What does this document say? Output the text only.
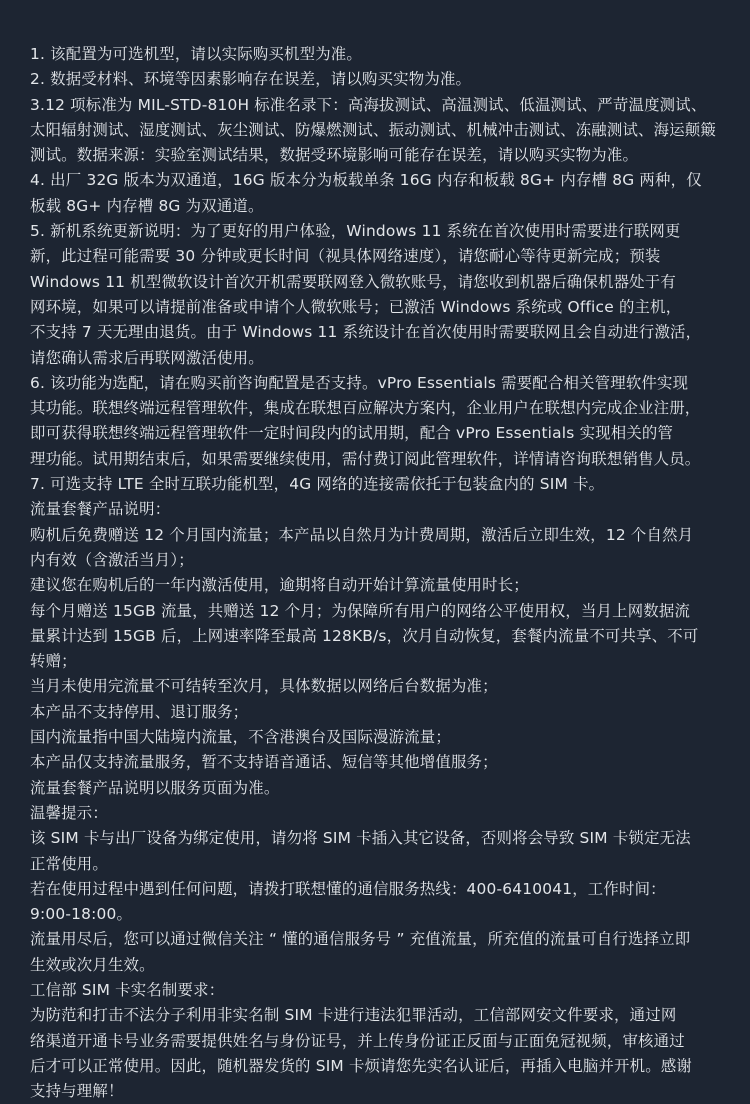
1. 该配置为可选机型，请以实际购买机型为准。

2. 数据受材料、环境等因素影响存在误差，请以购买实物为准。

3.12 项标准为 MIL-STD-810H 标准名录下：高海拔测试、高温测试、低温测试、严苛温度测试、

太阳辐射测试、湿度测试、灰尘测试、防爆燃测试、振动测试、机械冲击测试、冻融测试、海运颠簸

测试。数据来源：实验室测试结果，数据受环境影响可能存在误差，请以购买实物为准。

4. 出厂 32G 版本为双通道，16G 版本分为板载单条 16G 内存和板载 8G+ 内存槽 8G 两种，仅

板载 8G+ 内存槽 8G 为双通道。

5. 新机系统更新说明：为了更好的用户体验，Windows 11 系统在首次使用时需要进行联网更

新，此过程可能需要 30 分钟或更长时间（视具体网络速度），请您耐心等待更新完成；预装

Windows 11 机型微软设计首次开机需要联网登入微软账号，请您收到机器后确保机器处于有

网环境，如果可以请提前准备或申请个人微软账号；已激活 Windows 系统或 Office 的主机，

不支持 7 天无理由退货。由于 Windows 11 系统设计在首次使用时需要联网且会自动进行激活，

请您确认需求后再联网激活使用。

6. 该功能为选配，请在购买前咨询配置是否支持。vPro Essentials 需要配合相关管理软件实现

其功能。联想终端远程管理软件，集成在联想百应解决方案内，企业用户在联想内完成企业注册，

即可获得联想终端远程管理软件一定时间段内的试用期，配合 vPro Essentials 实现相关的管

理功能。试用期结束后，如果需要继续使用，需付费订阅此管理软件，详情请咨询联想销售人员。

7. 可选支持 LTE 全时互联功能机型，4G 网络的连接需依托于包装盒内的 SIM 卡。

流量套餐产品说明：

购机后免费赠送 12 个月国内流量；本产品以自然月为计费周期，激活后立即生效，12 个自然月

内有效（含激活当月）；

建议您在购机后的一年内激活使用，逾期将自动开始计算流量使用时长；

每个月赠送 15GB 流量，共赠送 12 个月；为保障所有用户的网络公平使用权，当月上网数据流

量累计达到 15GB 后，上网速率降至最高 128KB/s，次月自动恢复，套餐内流量不可共享、不可

转赠；

当月未使用完流量不可结转至次月，具体数据以网络后台数据为准；

本产品不支持停用、退订服务；

国内流量指中国大陆境内流量，不含港澳台及国际漫游流量；

本产品仅支持流量服务，暂不支持语音通话、短信等其他增值服务；

流量套餐产品说明以服务页面为准。

温馨提示：

该 SIM 卡与出厂设备为绑定使用，请勿将 SIM 卡插入其它设备，否则将会导致 SIM 卡锁定无法

正常使用。

若在使用过程中遇到任何问题，请拨打联想懂的通信服务热线：400-6410041，工作时间：

9:00-18:00。

流量用尽后，您可以通过微信关注 “ 懂的通信服务号 ” 充值流量，所充值的流量可自行选择立即

生效或次月生效。

工信部 SIM 卡实名制要求：

为防范和打击不法分子利用非实名制 SIM 卡进行违法犯罪活动，工信部网安文件要求，通过网

络渠道开通卡号业务需要提供姓名与身份证号，并上传身份证正反面与正面免冠视频，审核通过

后才可以正常使用。因此，随机器发货的 SIM 卡烦请您先实名认证后，再插入电脑并开机。感谢

支持与理解！
